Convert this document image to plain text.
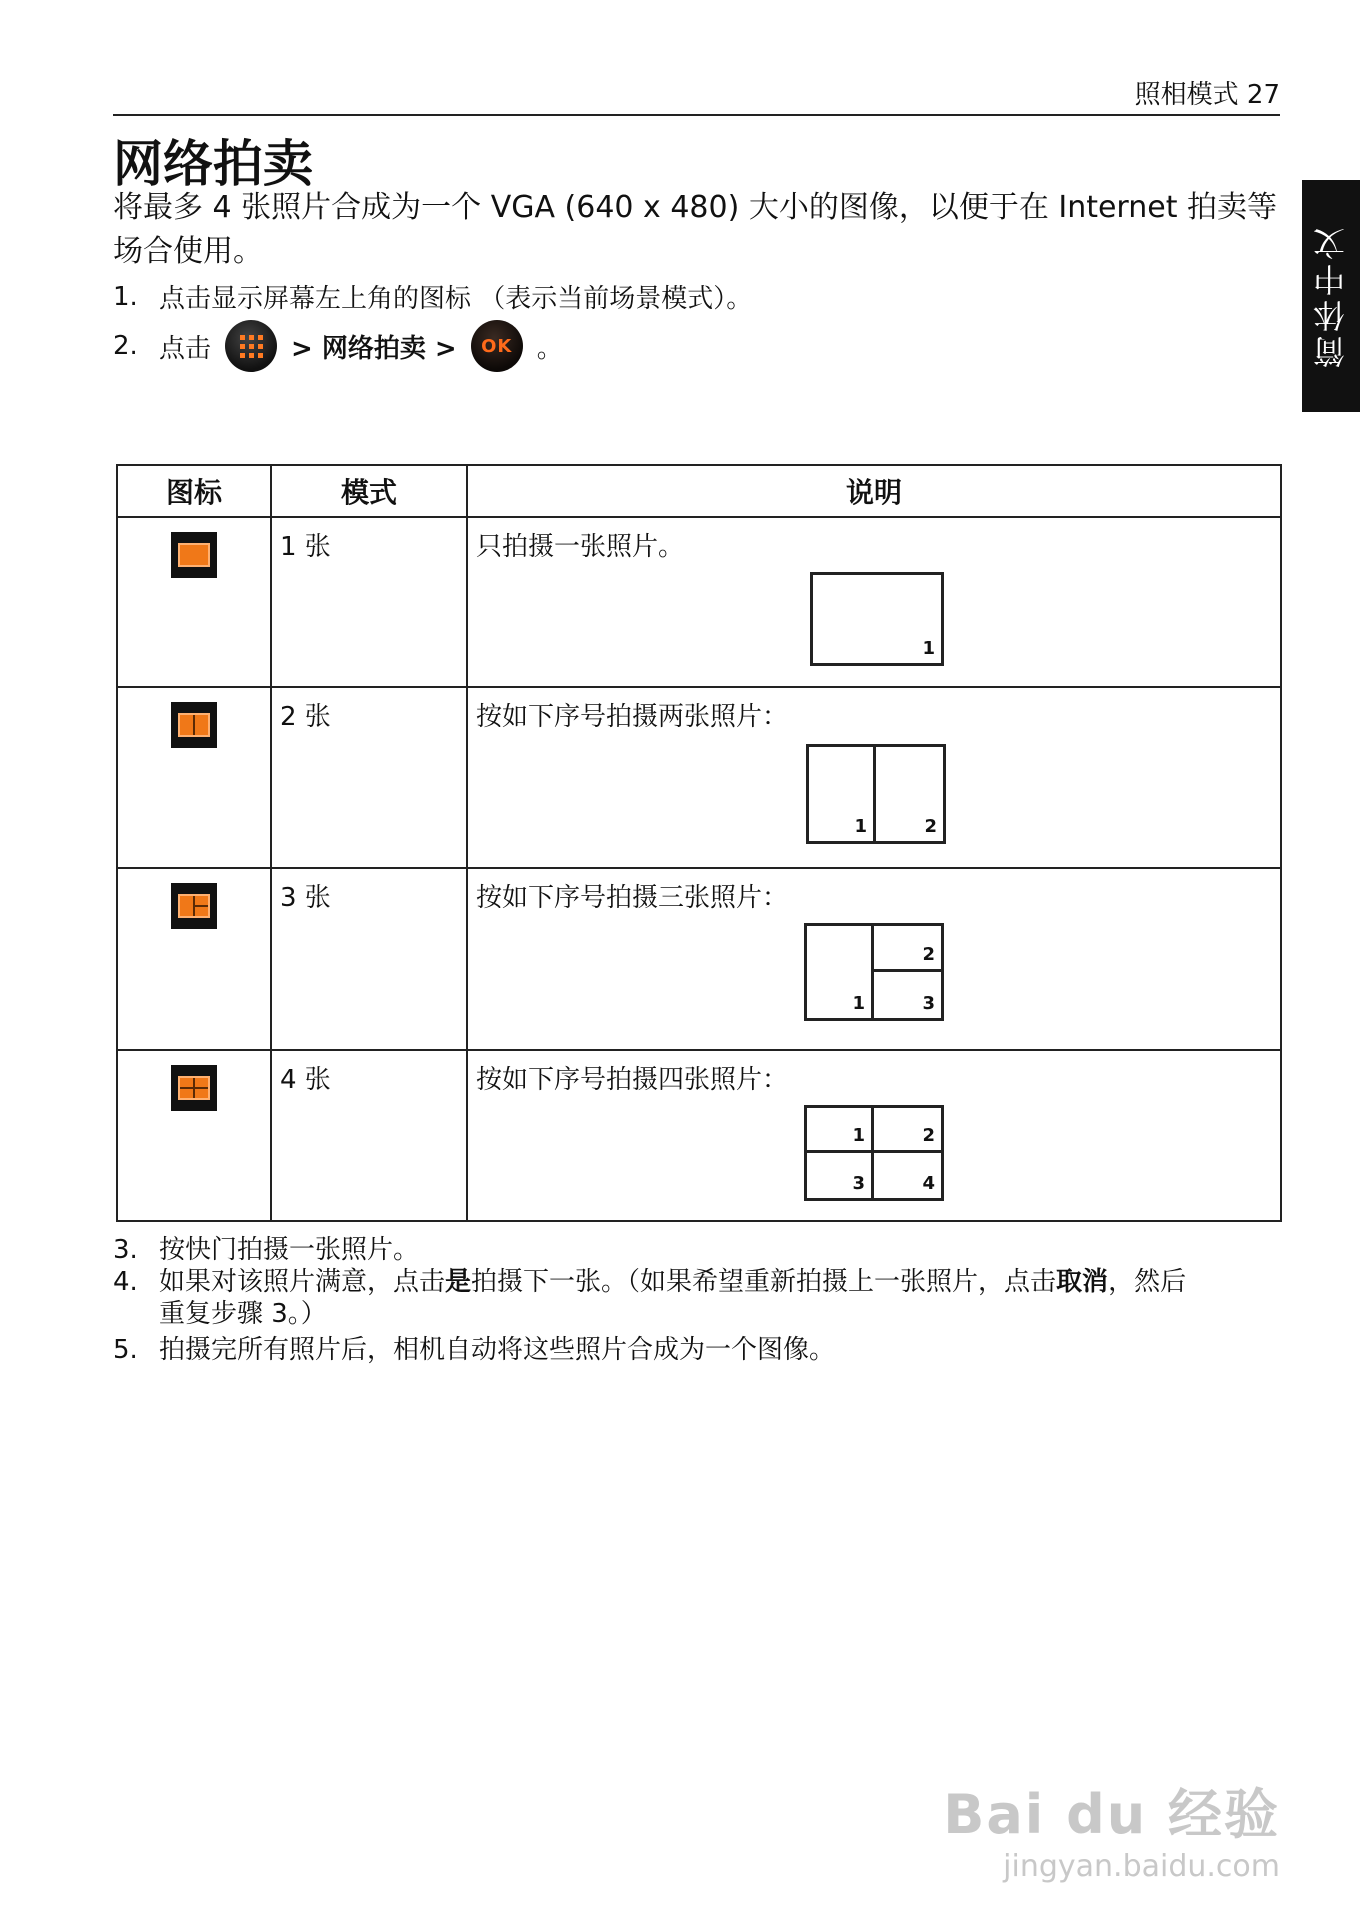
照相模式 27
简体中文
网络拍卖
将最多 4 张照片合成为一个 VGA (640 x 480) 大小的图像，以便于在 Internet 拍卖等场合使用。
1. 点击显示屏幕左上角的图标 （表示当前场景模式）。
2. 点击	> 网络拍卖 > OK 。
图标	模式	说明

	1 张	只拍摄一张照片。
1

	2 张	按如下序号拍摄两张照片：
1 2

	3 张	按如下序号拍摄三张照片：
1
2
3

	4 张	按如下序号拍摄四张照片：
1 2
3 4
3. 按快门拍摄一张照片。
4. 如果对该照片满意，点击是拍摄下一张。（如果希望重新拍摄上一张照片，点击取消，然后
重复步骤 3。）
5. 拍摄完所有照片后，相机自动将这些照片合成为一个图像。
Bai du 经验
jingyan.baidu.com
